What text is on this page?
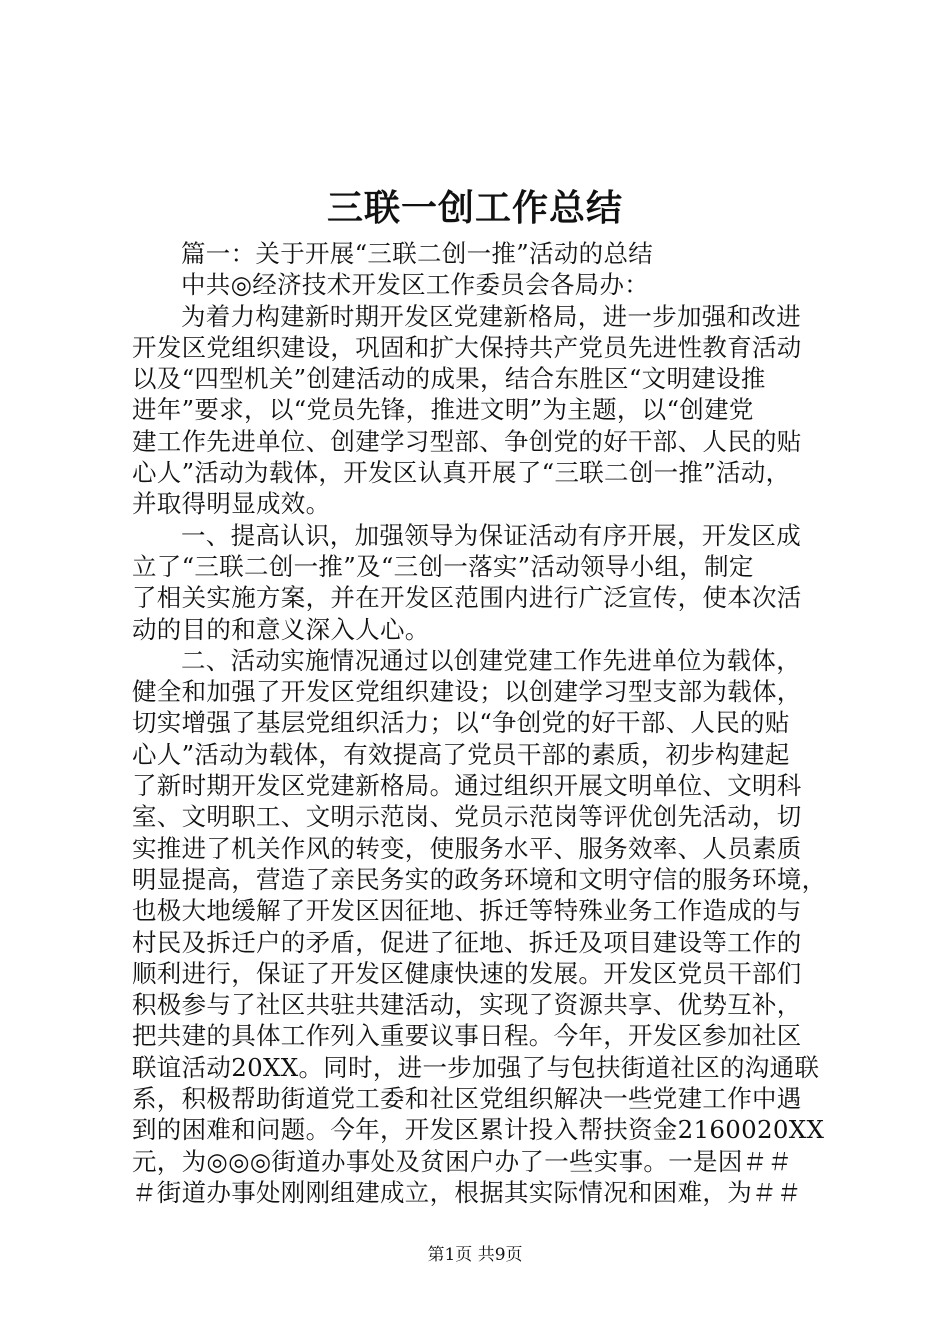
三联一创工作总结
篇一：关于开展“三联二创一推”活动的总结
中共◎经济技术开发区工作委员会各局办：
为着力构建新时期开发区党建新格局，进一步加强和改进
开发区党组织建设，巩固和扩大保持共产党员先进性教育活动
以及“四型机关”创建活动的成果，结合东胜区“文明建设推
进年”要求，以“党员先锋，推进文明”为主题，以“创建党
建工作先进单位、创建学习型部、争创党的好干部、人民的贴
心人”活动为载体，开发区认真开展了“三联二创一推”活动，
并取得明显成效。
一、提高认识，加强领导为保证活动有序开展，开发区成
立了“三联二创一推”及“三创一落实”活动领导小组，制定
了相关实施方案，并在开发区范围内进行广泛宣传，使本次活
动的目的和意义深入人心。
二、活动实施情况通过以创建党建工作先进单位为载体，
健全和加强了开发区党组织建设；以创建学习型支部为载体，
切实增强了基层党组织活力；以“争创党的好干部、人民的贴
心人”活动为载体，有效提高了党员干部的素质，初步构建起
了新时期开发区党建新格局。通过组织开展文明单位、文明科
室、文明职工、文明示范岗、党员示范岗等评优创先活动，切
实推进了机关作风的转变，使服务水平、服务效率、人员素质
明显提高，营造了亲民务实的政务环境和文明守信的服务环境，
也极大地缓解了开发区因征地、拆迁等特殊业务工作造成的与
村民及拆迁户的矛盾，促进了征地、拆迁及项目建设等工作的
顺利进行，保证了开发区健康快速的发展。开发区党员干部们
积极参与了社区共驻共建活动，实现了资源共享、优势互补，
把共建的具体工作列入重要议事日程。今年，开发区参加社区
联谊活动20XX。同时，进一步加强了与包扶街道社区的沟通联
系，积极帮助街道党工委和社区党组织解决一些党建工作中遇
到的困难和问题。今年，开发区累计投入帮扶资金2160020XX
元，为◎◎◎街道办事处及贫困户办了一些实事。一是因＃＃
＃街道办事处刚刚组建成立，根据其实际情况和困难，为＃＃
第1页 共9页
